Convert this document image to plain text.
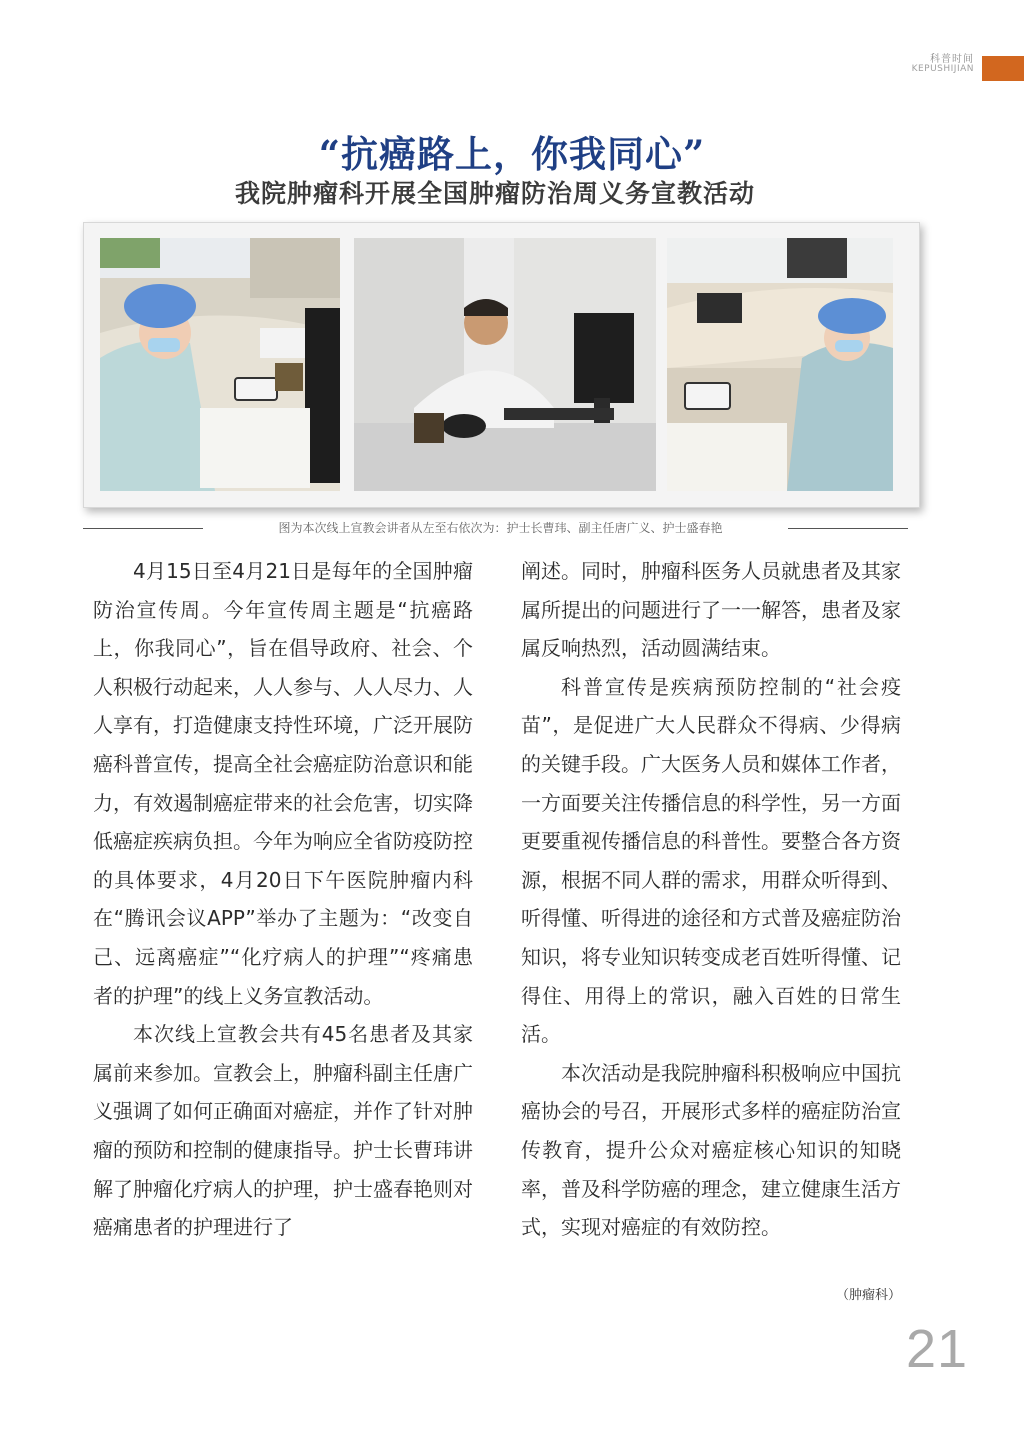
科普时间
KEPUSHIJIAN
“抗癌路上，你我同心”
我院肿瘤科开展全国肿瘤防治周义务宣教活动
图为本次线上宣教会讲者从左至右依次为：护士长曹玮、副主任唐广义、护士盛春艳

4月15日至4月21日是每年的全国肿瘤防治宣传周。今年宣传周主题是“抗癌路上，你我同心”，旨在倡导政府、社会、个人积极行动起来，人人参与、人人尽力、人人享有，打造健康支持性环境，广泛开展防癌科普宣传，提高全社会癌症防治意识和能力，有效遏制癌症带来的社会危害，切实降低癌症疾病负担。今年为响应全省防疫防控的具体要求，4月20日下午医院肿瘤内科在“腾讯会议APP”举办了主题为：“改变自己、远离癌症”“化疗病人的护理”“疼痛患者的护理”的线上义务宣教活动。

本次线上宣教会共有45名患者及其家属前来参加。宣教会上，肿瘤科副主任唐广义强调了如何正确面对癌症，并作了针对肿瘤的预防和控制的健康指导。护士长曹玮讲解了肿瘤化疗病人的护理，护士盛春艳则对癌痛患者的护理进行了

阐述。同时，肿瘤科医务人员就患者及其家属所提出的问题进行了一一解答，患者及家属反响热烈，活动圆满结束。

科普宣传是疾病预防控制的“社会疫苗”，是促进广大人民群众不得病、少得病的关键手段。广大医务人员和媒体工作者，一方面要关注传播信息的科学性，另一方面更要重视传播信息的科普性。要整合各方资源，根据不同人群的需求，用群众听得到、听得懂、听得进的途径和方式普及癌症防治知识，将专业知识转变成老百姓听得懂、记得住、用得上的常识，融入百姓的日常生活。

本次活动是我院肿瘤科积极响应中国抗癌协会的号召，开展形式多样的癌症防治宣传教育，提升公众对癌症核心知识的知晓率，普及科学防癌的理念，建立健康生活方式，实现对癌症的有效防控。

（肿瘤科）
21
